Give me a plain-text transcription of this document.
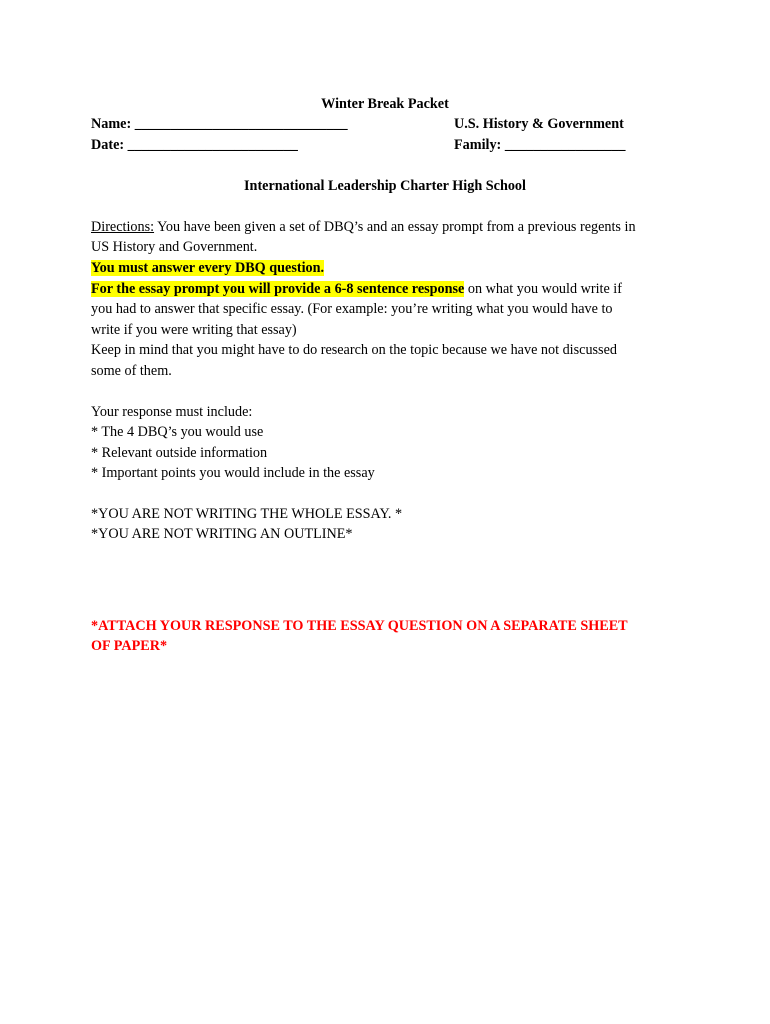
Winter Break Packet
Name: ______________________________	U.S. History & Government
Date: ________________________	Family: _________________
International Leadership Charter High School
Directions: You have been given a set of DBQ’s and an essay prompt from a previous regents in
US History and Government.
You must answer every DBQ question.
For the essay prompt you will provide a 6-8 sentence response on what you would write if
you had to answer that specific essay. (For example: you’re writing what you would have to
write if you were writing that essay)
Keep in mind that you might have to do research on the topic because we have not discussed
some of them.
Your response must include:
* The 4 DBQ’s you would use
* Relevant outside information
* Important points you would include in the essay
*YOU ARE NOT WRITING THE WHOLE ESSAY. *
*YOU ARE NOT WRITING AN OUTLINE*
*ATTACH YOUR RESPONSE TO THE ESSAY QUESTION ON A SEPARATE SHEET
OF PAPER*
